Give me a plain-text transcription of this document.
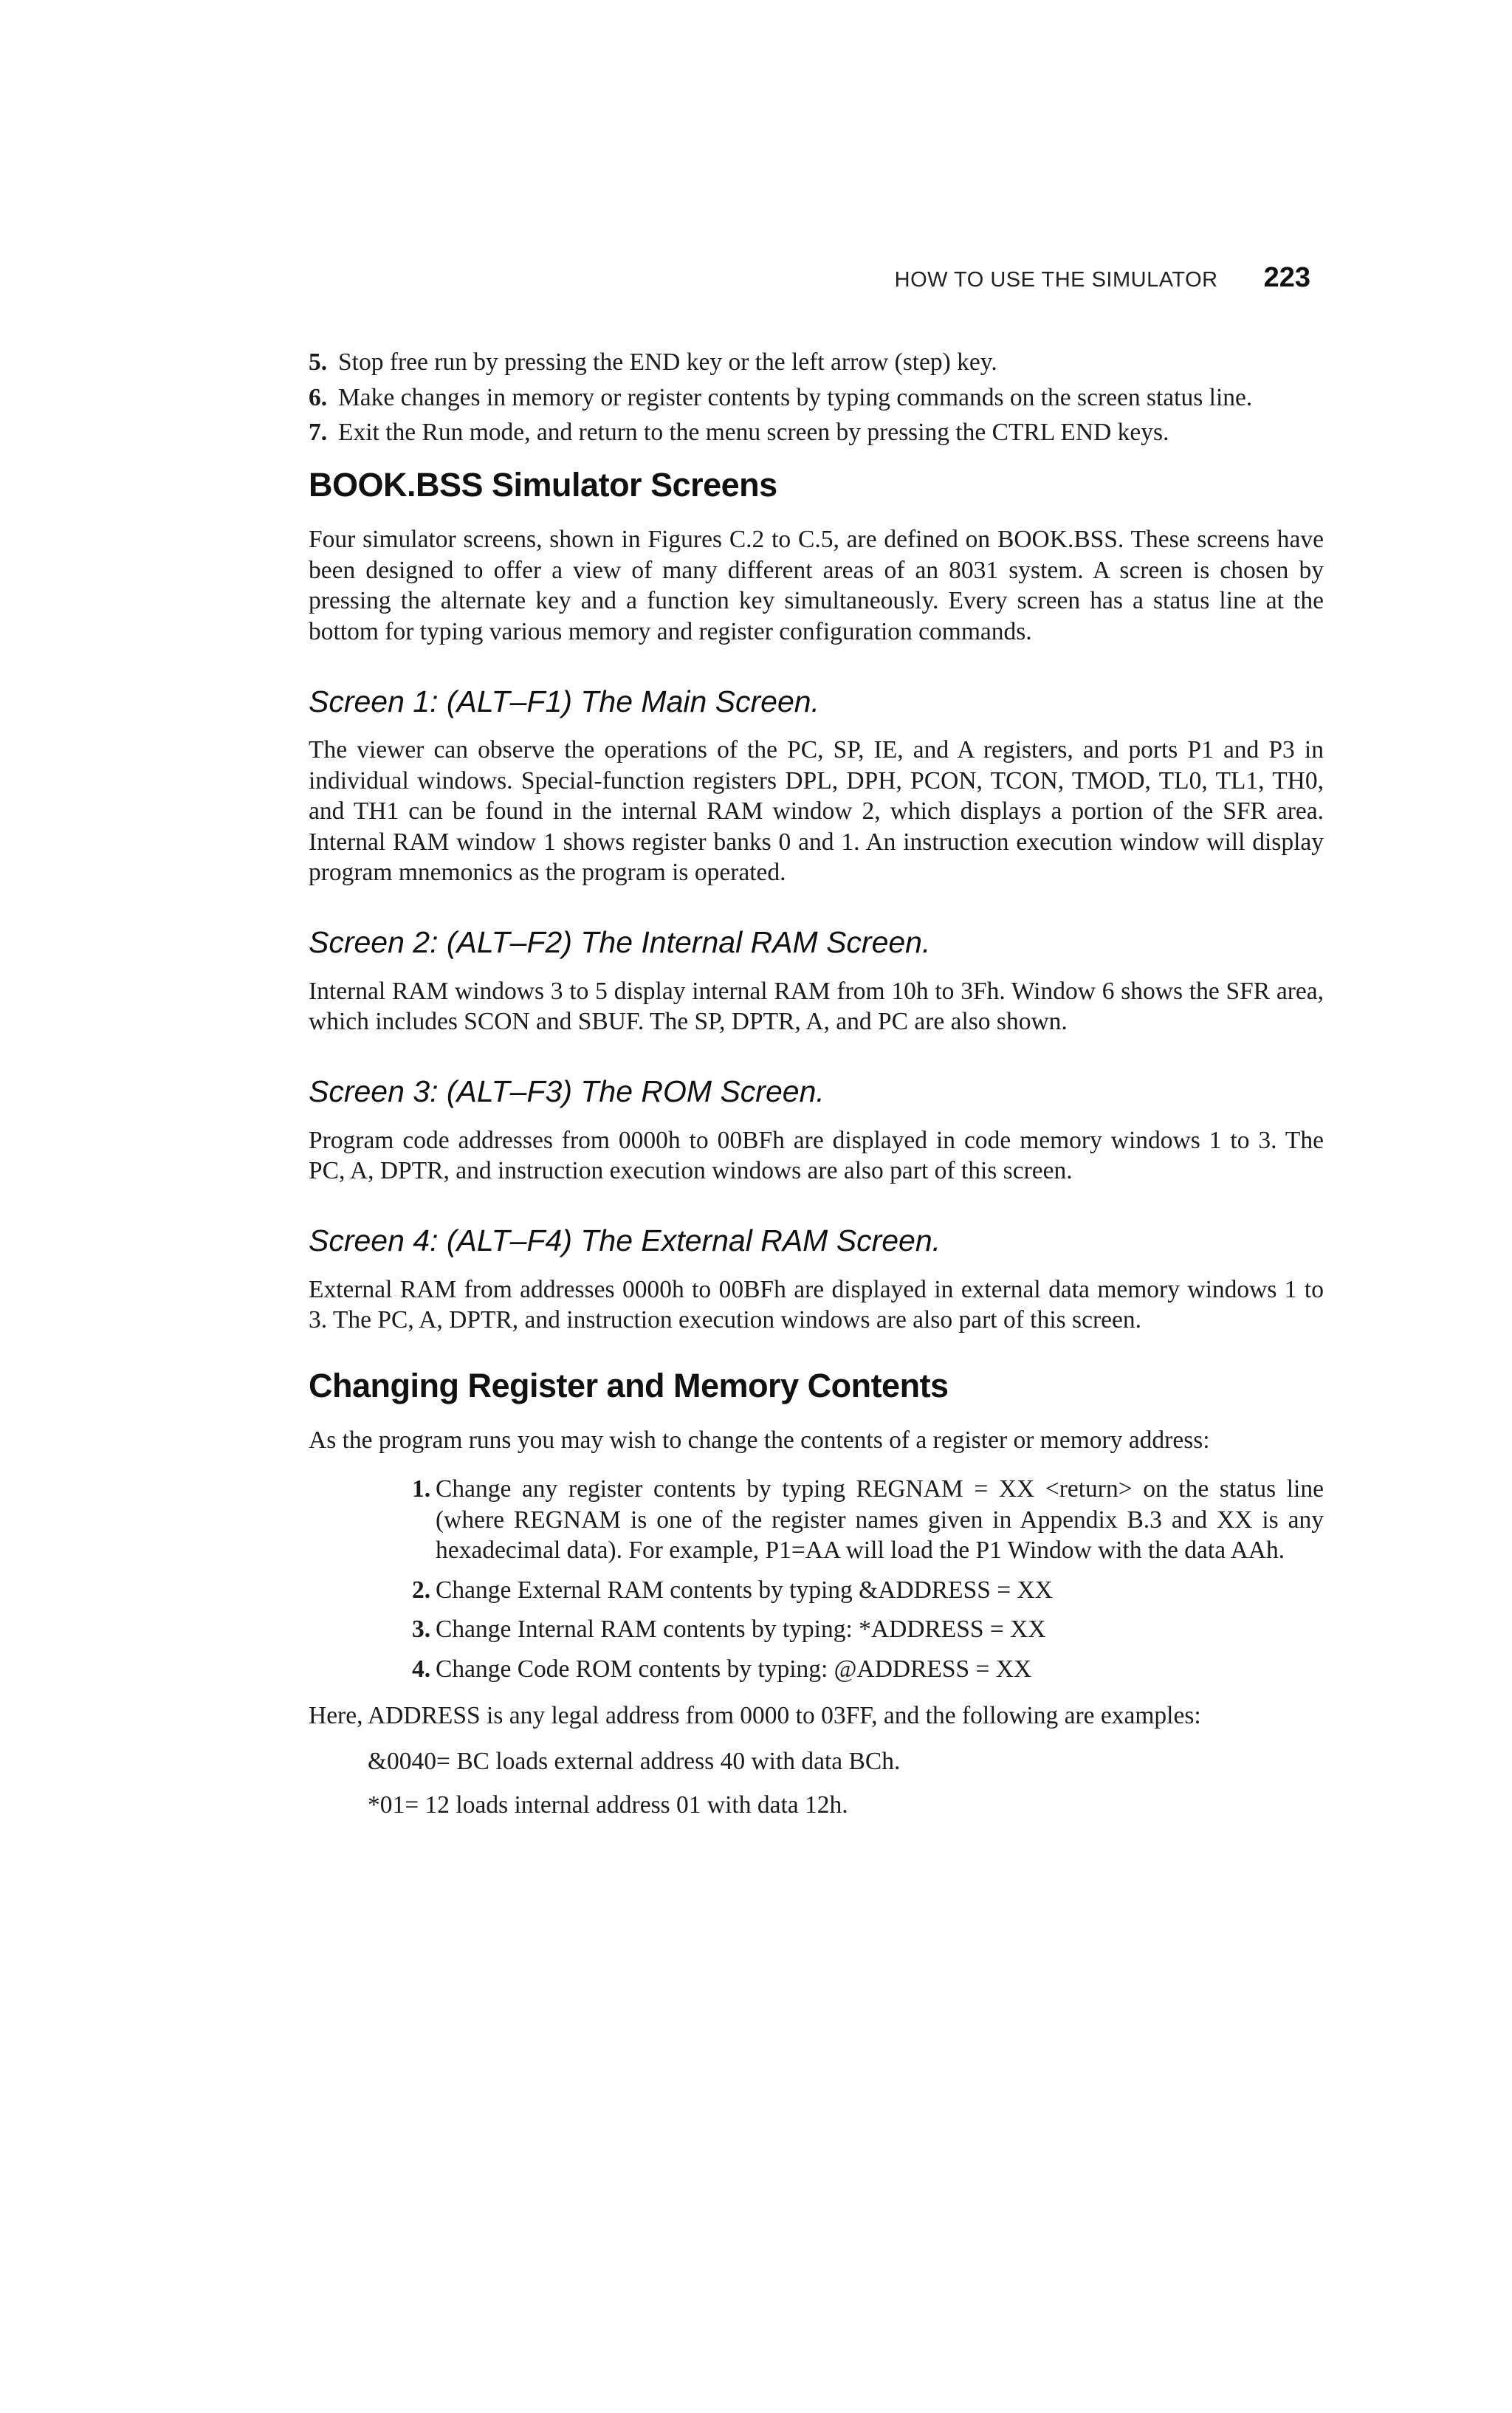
HOW TO USE THE SIMULATOR 223
5. Stop free run by pressing the END key or the left arrow (step) key.
6. Make changes in memory or register contents by typing commands on the screen status line.
7. Exit the Run mode, and return to the menu screen by pressing the CTRL END keys.
BOOK.BSS Simulator Screens

Four simulator screens, shown in Figures C.2 to C.5, are defined on BOOK.BSS. These screens have been designed to offer a view of many different areas of an 8031 system. A screen is chosen by pressing the alternate key and a function key simultaneously. Every screen has a status line at the bottom for typing various memory and register configuration commands.

Screen 1: (ALT–F1) The Main Screen.

The viewer can observe the operations of the PC, SP, IE, and A registers, and ports P1 and P3 in individual windows. Special-function registers DPL, DPH, PCON, TCON, TMOD, TL0, TL1, TH0, and TH1 can be found in the internal RAM window 2, which displays a portion of the SFR area. Internal RAM window 1 shows register banks 0 and 1. An instruction execution window will display program mnemonics as the program is operated.

Screen 2: (ALT–F2) The Internal RAM Screen.

Internal RAM windows 3 to 5 display internal RAM from 10h to 3Fh. Window 6 shows the SFR area, which includes SCON and SBUF. The SP, DPTR, A, and PC are also shown.

Screen 3: (ALT–F3) The ROM Screen.

Program code addresses from 0000h to 00BFh are displayed in code memory windows 1 to 3. The PC, A, DPTR, and instruction execution windows are also part of this screen.

Screen 4: (ALT–F4) The External RAM Screen.

External RAM from addresses 0000h to 00BFh are displayed in external data memory windows 1 to 3. The PC, A, DPTR, and instruction execution windows are also part of this screen.

Changing Register and Memory Contents

As the program runs you may wish to change the contents of a register or memory address:

1. Change any register contents by typing REGNAM = XX <return> on the status line (where REGNAM is one of the register names given in Appendix B.3 and XX is any hexadecimal data). For example, P1=AA will load the P1 Window with the data AAh.
2. Change External RAM contents by typing &ADDRESS = XX
3. Change Internal RAM contents by typing: *ADDRESS = XX
4. Change Code ROM contents by typing: @ADDRESS = XX

Here, ADDRESS is any legal address from 0000 to 03FF, and the following are examples:

&0040= BC loads external address 40 with data BCh.

*01= 12 loads internal address 01 with data 12h.
